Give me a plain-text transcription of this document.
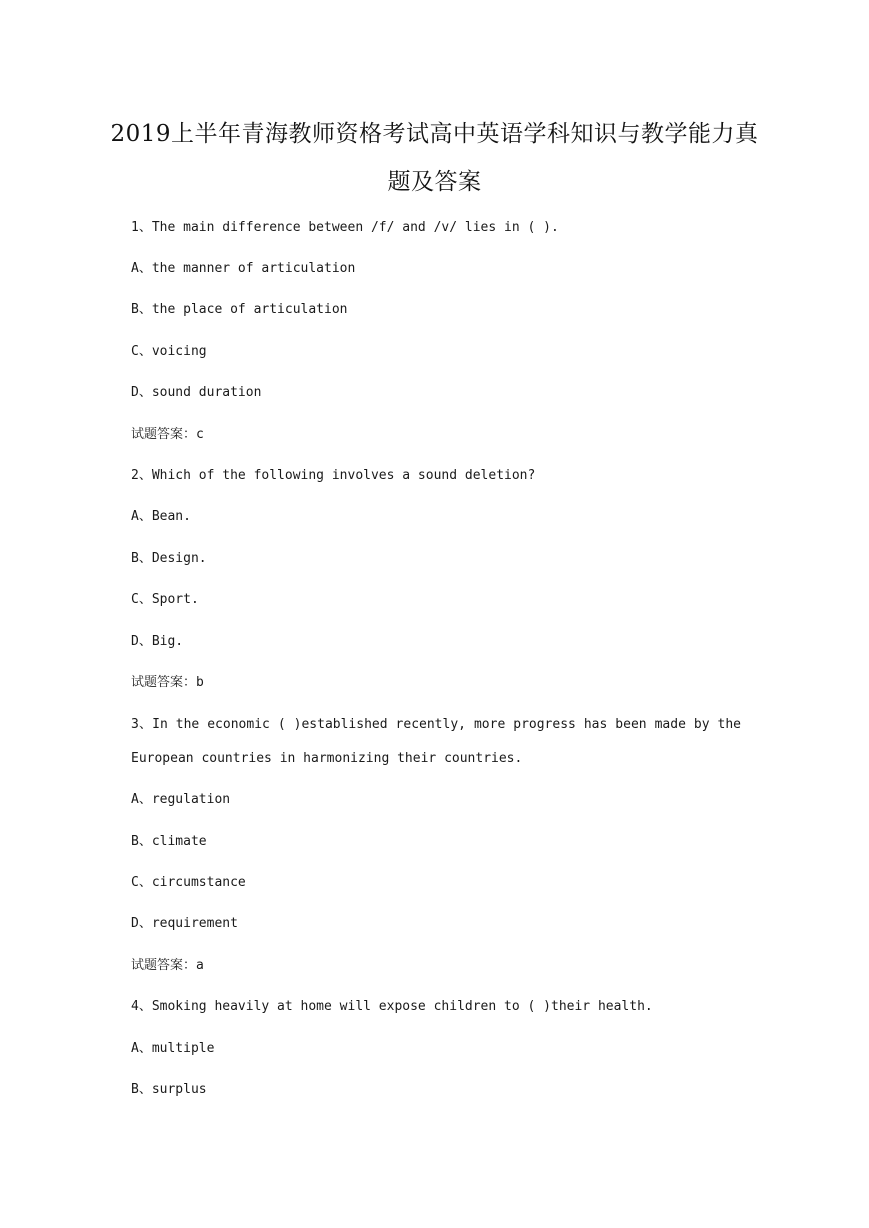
2019上半年青海教师资格考试高中英语学科知识与教学能力真题及答案
1、The main difference between /f/ and /v/ lies in ( ).
A、the manner of articulation
B、the place of articulation
C、voicing
D、sound duration
试题答案：c
2、Which of the following involves a sound deletion?
A、Bean.
B、Design.
C、Sport.
D、Big.
试题答案：b
3、In the economic ( )established recently, more progress has been made by the European countries in harmonizing their countries.
A、regulation
B、climate
C、circumstance
D、requirement
试题答案：a
4、Smoking heavily at home will expose children to ( )their health.
A、multiple
B、surplus
